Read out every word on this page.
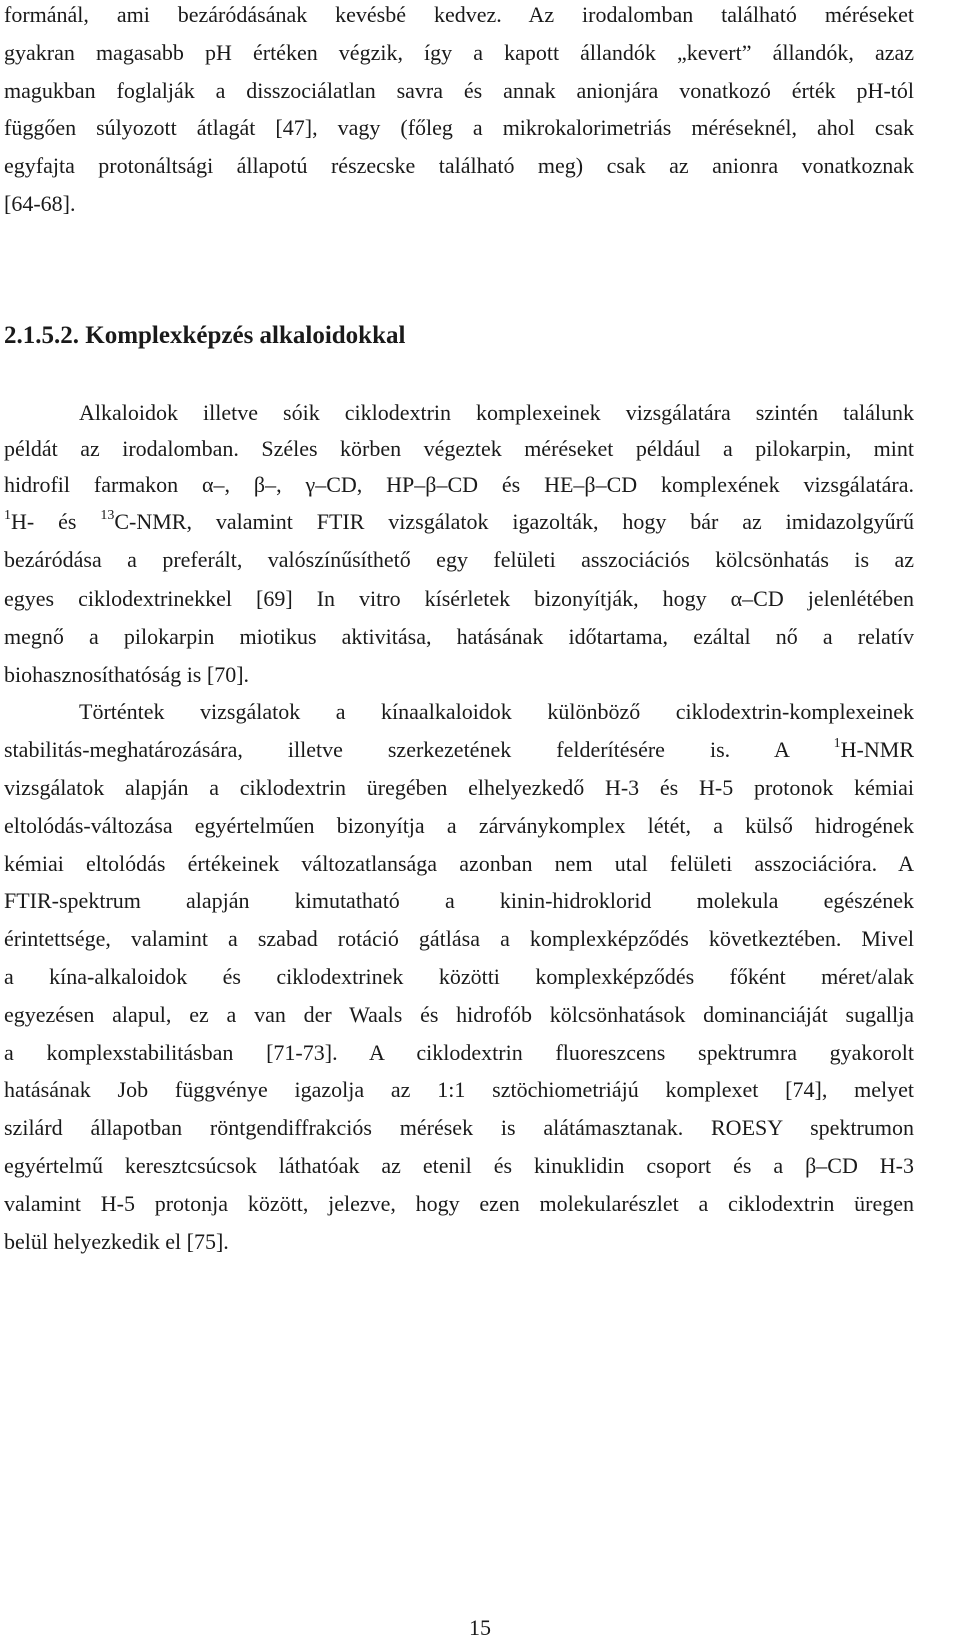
formánál, ami bezáródásának kevésbé kedvez. Az irodalomban található méréseket
gyakran magasabb pH értéken végzik, így a kapott állandók „kevert” állandók, azaz
magukban foglalják a disszociálatlan savra és annak anionjára vonatkozó érték pH-tól
függően súlyozott átlagát [47], vagy (főleg a mikrokalorimetriás méréseknél, ahol csak
egyfajta protonáltsági állapotú részecske található meg) csak az anionra vonatkoznak
[64-68].
2.1.5.2. Komplexképzés alkaloidokkal
Alkaloidok illetve sóik ciklodextrin komplexeinek vizsgálatára szintén találunk
példát az irodalomban. Széles körben végeztek méréseket például a pilokarpin, mint
hidrofil farmakon α–, β–, γ–CD, HP–β–CD és HE–β–CD komplexének vizsgálatára.
$^1$H- és $^{13}$C-NMR, valamint FTIR vizsgálatok igazolták, hogy bár az imidazolgyűrű
bezáródása a preferált, valószínűsíthető egy felületi asszociációs kölcsönhatás is az
egyes ciklodextrinekkel [69] In vitro kísérletek bizonyítják, hogy α–CD jelenlétében
megnő a pilokarpin miotikus aktivitása, hatásának időtartama, ezáltal nő a relatív
biohasznosíthatóság is [70].
Történtek vizsgálatok a kínaalkaloidok különböző ciklodextrin-komplexeinek
stabilitás-meghatározására, illetve szerkezetének felderítésére is. A $^1$H-NMR
vizsgálatok alapján a ciklodextrin üregében elhelyezkedő H-3 és H-5 protonok kémiai
eltolódás-változása egyértelműen bizonyítja a zárványkomplex létét, a külső hidrogének
kémiai eltolódás értékeinek változatlansága azonban nem utal felületi asszociációra. A
FTIR-spektrum alapján kimutatható a kinin-hidroklorid molekula egészének
érintettsége, valamint a szabad rotáció gátlása a komplexképződés következtében. Mivel
a kína-alkaloidok és ciklodextrinek közötti komplexképződés főként méret/alak
egyezésen alapul, ez a van der Waals és hidrofób kölcsönhatások dominanciáját sugallja
a komplexstabilitásban [71-73]. A ciklodextrin fluoreszcens spektrumra gyakorolt
hatásának Job függvénye igazolja az 1:1 sztöchiometriájú komplexet [74], melyet
szilárd állapotban röntgendiffrakciós mérések is alátámasztanak. ROESY spektrumon
egyértelmű keresztcsúcsok láthatóak az etenil és kinuklidin csoport és a β–CD H-3
valamint H-5 protonja között, jelezve, hogy ezen molekularészlet a ciklodextrin üregen
belül helyezkedik el [75].
15
